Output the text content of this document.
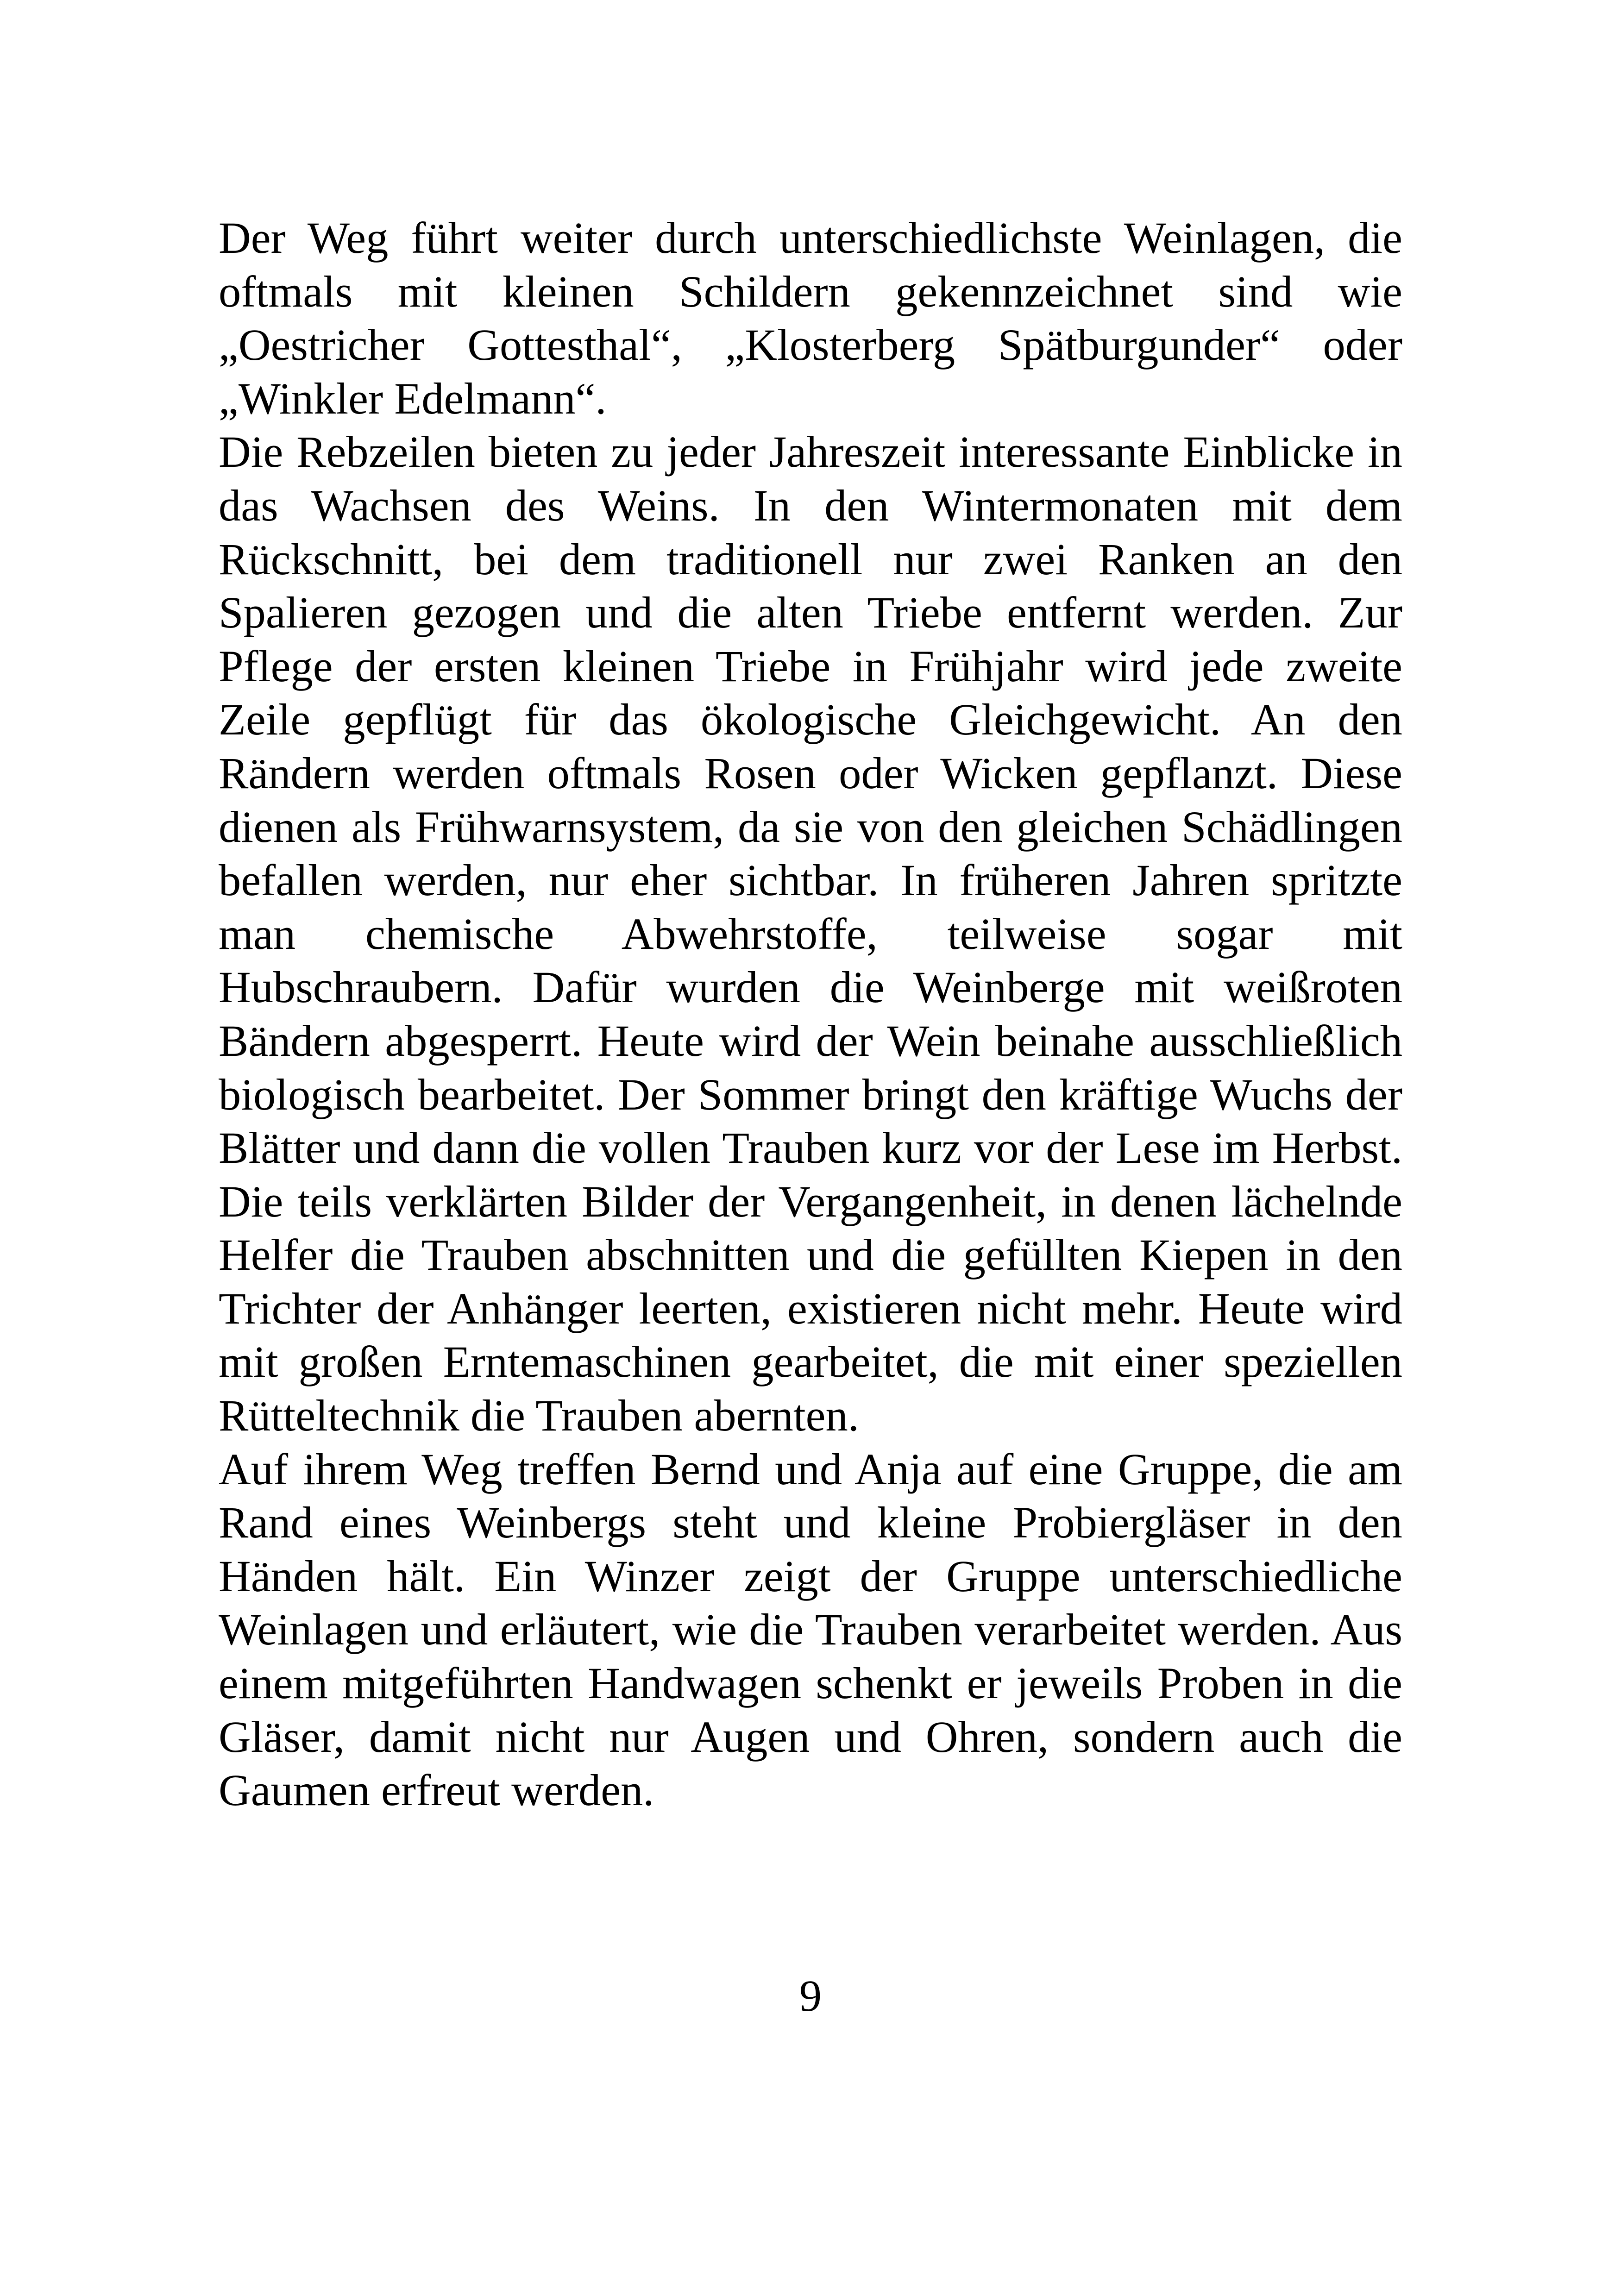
Der Weg führt weiter durch unterschiedlichste Weinlagen, die oftmals mit kleinen Schildern gekennzeichnet sind wie „Oestricher Gottesthal“, „Klosterberg Spätburgunder“ oder „Winkler Edelmann“.

Die Rebzeilen bieten zu jeder Jahreszeit interessante Einblicke in das Wachsen des Weins. In den Wintermonaten mit dem Rückschnitt, bei dem traditionell nur zwei Ranken an den Spalieren gezogen und die alten Triebe entfernt werden. Zur Pflege der ersten kleinen Triebe in Frühjahr wird jede zweite Zeile gepflügt für das ökologische Gleichgewicht. An den Rändern werden oftmals Rosen oder Wicken gepflanzt. Diese dienen als Frühwarnsystem, da sie von den gleichen Schädlingen befallen werden, nur eher sichtbar. In früheren Jahren spritzte man chemische Abwehrstoffe, teilweise sogar mit Hubschraubern. Dafür wurden die Weinberge mit weißroten Bändern abgesperrt. Heute wird der Wein beinahe ausschließlich biologisch bearbeitet. Der Sommer bringt den kräftige Wuchs der Blätter und dann die vollen Trauben kurz vor der Lese im Herbst. Die teils verklärten Bilder der Vergangenheit, in denen lächelnde Helfer die Trauben abschnitten und die gefüllten Kiepen in den Trichter der Anhänger leerten, existieren nicht mehr. Heute wird mit großen Erntemaschinen gearbeitet, die mit einer speziellen Rütteltechnik die Trauben abernten.

Auf ihrem Weg treffen Bernd und Anja auf eine Gruppe, die am Rand eines Weinbergs steht und kleine Probiergläser in den Händen hält. Ein Winzer zeigt der Gruppe unterschiedliche Weinlagen und erläutert, wie die Trauben verarbeitet werden. Aus einem mitgeführten Handwagen schenkt er jeweils Proben in die Gläser, damit nicht nur Augen und Ohren, sondern auch die Gaumen erfreut werden.

9
